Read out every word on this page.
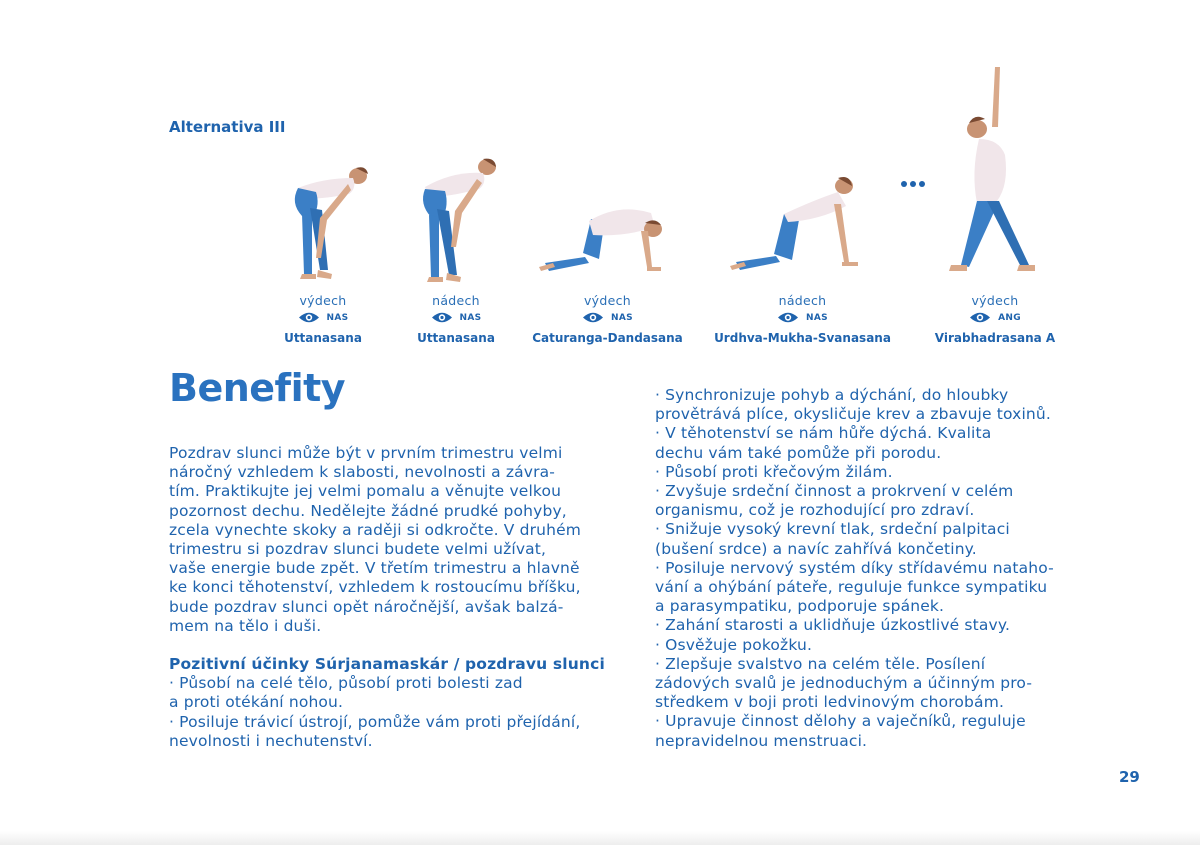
Alternativa III
výdech
NAS
Uttanasana
nádech
NAS
Uttanasana
výdech
NAS
Caturanga-Dandasana
nádech
NAS
Urdhva-Mukha-Svanasana
výdech
ANG
Virabhadrasana A
Benefity

Pozdrav slunci může být v prvním trimestru velmi

náročný vzhledem k slabosti, nevolnosti a závra-

tím. Praktikujte jej velmi pomalu a věnujte velkou

pozornost dechu. Nedělejte žádné prudké pohyby,

zcela vynechte skoky a raději si odkročte. V druhém

trimestru si pozdrav slunci budete velmi užívat,

vaše energie bude zpět. V třetím trimestru a hlavně

ke konci těhotenství, vzhledem k rostoucímu bříšku,

bude pozdrav slunci opět náročnější, avšak balzá-

mem na tělo i duši.

Pozitivní účinky Súrjanamaskár / pozdravu slunci

· Působí na celé tělo, působí proti bolesti zad

a proti otékání nohou.

· Posiluje trávicí ústrojí, pomůže vám proti přejídání,

nevolnosti i nechutenství.

· Synchronizuje pohyb a dýchání, do hloubky

provětrává plíce, okysličuje krev a zbavuje toxinů.

· V těhotenství se nám hůře dýchá. Kvalita

dechu vám také pomůže při porodu.

· Působí proti křečovým žilám.

· Zvyšuje srdeční činnost a prokrvení v celém

organismu, což je rozhodující pro zdraví.

· Snižuje vysoký krevní tlak, srdeční palpitaci

(bušení srdce) a navíc zahřívá končetiny.

· Posiluje nervový systém díky střídavému nataho-

vání a ohýbání páteře, reguluje funkce sympatiku

a parasympatiku, podporuje spánek.

· Zahání starosti a uklidňuje úzkostlivé stavy.

· Osvěžuje pokožku.

· Zlepšuje svalstvo na celém těle. Posílení

zádových svalů je jednoduchým a účinným pro-

středkem v boji proti ledvinovým chorobám.

· Upravuje činnost dělohy a vaječníků, reguluje

nepravidelnou menstruaci.

29
